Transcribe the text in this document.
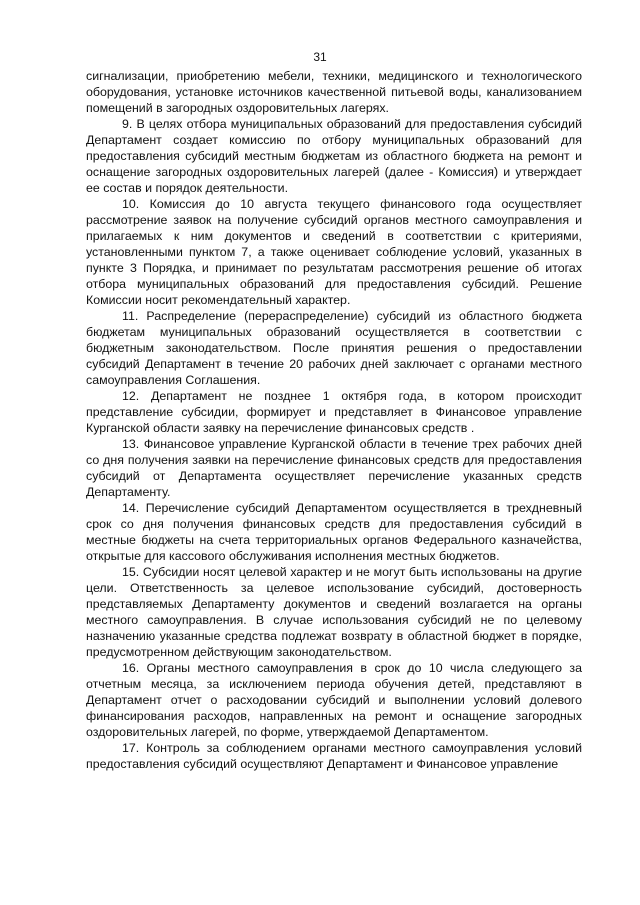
31

сигнализации, приобретению мебели, техники, медицинского и технологического оборудования, установке источников качественной питьевой воды, канализованием помещений в загородных оздоровительных лагерях.

9. В целях отбора муниципальных образований для предоставления субсидий Департамент создает комиссию по отбору муниципальных образований для предоставления субсидий местным бюджетам из областного бюджета на ремонт и оснащение загородных оздоровительных лагерей (далее - Комиссия) и утверждает ее состав и порядок деятельности.

10. Комиссия до 10 августа текущего финансового года осуществляет рассмотрение заявок на получение субсидий органов местного самоуправления и прилагаемых к ним документов и сведений в соответствии с критериями, установленными пунктом 7, а также оценивает соблюдение условий, указанных в пункте 3 Порядка, и принимает по результатам рассмотрения решение об итогах отбора муниципальных образований для предоставления субсидий. Решение Комиссии носит рекомендательный характер.

11. Распределение (перераспределение) субсидий из областного бюджета бюджетам муниципальных образований осуществляется в соответствии с бюджетным законодательством. После принятия решения о предоставлении субсидий Департамент в течение 20 рабочих дней заключает с органами местного самоуправления Соглашения.

12. Департамент не позднее 1 октября года, в котором происходит представление субсидии, формирует и представляет в Финансовое управление Курганской области заявку на перечисление финансовых средств .

13. Финансовое управление Курганской области в течение трех рабочих дней со дня получения заявки на перечисление финансовых средств для предоставления субсидий от Департамента осуществляет перечисление указанных средств Департаменту.

14. Перечисление субсидий Департаментом осуществляется в трехдневный срок со дня получения финансовых средств для предоставления субсидий в местные бюджеты на счета территориальных органов Федерального казначейства, открытые для кассового обслуживания исполнения местных бюджетов.

15. Субсидии носят целевой характер и не могут быть использованы на другие цели. Ответственность за целевое использование субсидий, достоверность представляемых Департаменту документов и сведений возлагается на органы местного самоуправления. В случае использования субсидий не по целевому назначению указанные средства подлежат возврату в областной бюджет в порядке, предусмотренном действующим законодательством.

16. Органы местного самоуправления в срок до 10 числа следующего за отчетным месяца, за исключением периода обучения детей, представляют в Департамент отчет о расходовании субсидий и выполнении условий долевого финансирования расходов, направленных на ремонт и оснащение загородных оздоровительных лагерей, по форме, утверждаемой Департаментом.

17. Контроль за соблюдением органами местного самоуправления условий предоставления субсидий осуществляют Департамент и Финансовое управление
